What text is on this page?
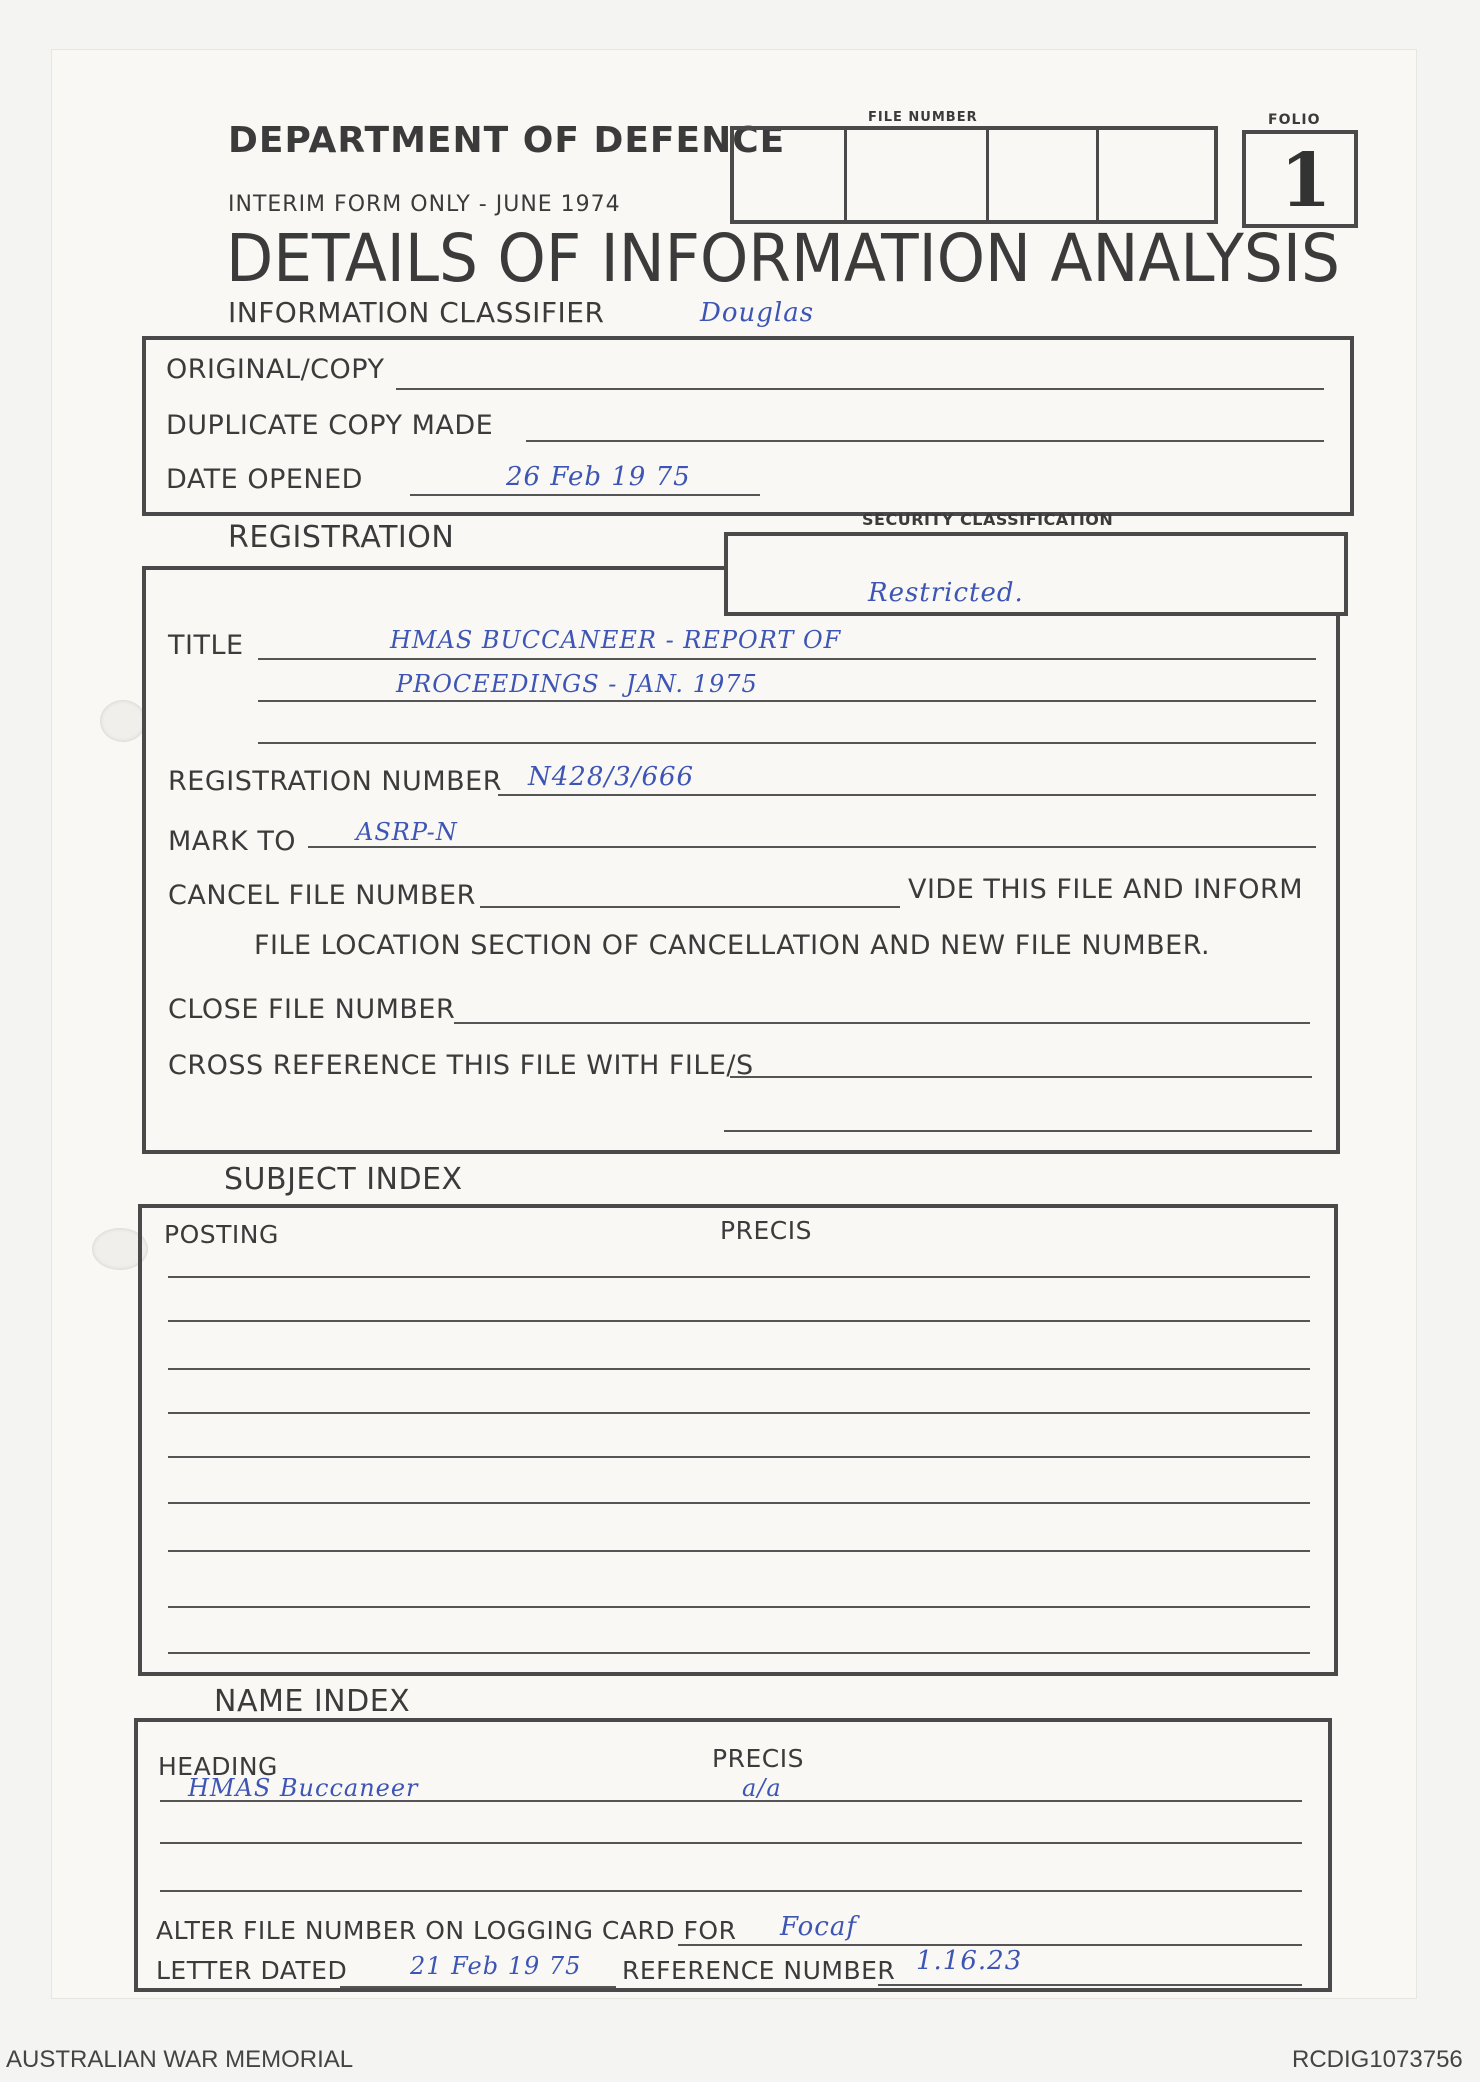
DEPARTMENT OF DEFENCE
INTERIM FORM ONLY - JUNE 1974
DETAILS OF INFORMATION ANALYSIS
FILE NUMBER	FOLIO
1
INFORMATION CLASSIFIER	Douglas
ORIGINAL/COPY
DUPLICATE COPY MADE
DATE OPENED	26 Feb 19 75
REGISTRATION
SECURITY CLASSIFICATION
Restricted.
TITLE	HMAS BUCCANEER - REPORT OF
PROCEEDINGS - JAN. 1975
REGISTRATION NUMBER N428/3/666
MARK TO ASRP-N
CANCEL FILE NUMBER	VIDE THIS FILE AND INFORM
FILE LOCATION SECTION OF CANCELLATION AND NEW FILE NUMBER.
CLOSE FILE NUMBER
CROSS REFERENCE THIS FILE WITH FILE/S
SUBJECT INDEX
POSTING	PRECIS
NAME INDEX
HEADING	PRECIS
HMAS Buccaneer	a/a
ALTER FILE NUMBER ON LOGGING CARD FOR Focaf
LETTER DATED	21 Feb 19 75 REFERENCE NUMBER 1.16.23
AUSTRALIAN WAR MEMORIAL	RCDIG1073756
